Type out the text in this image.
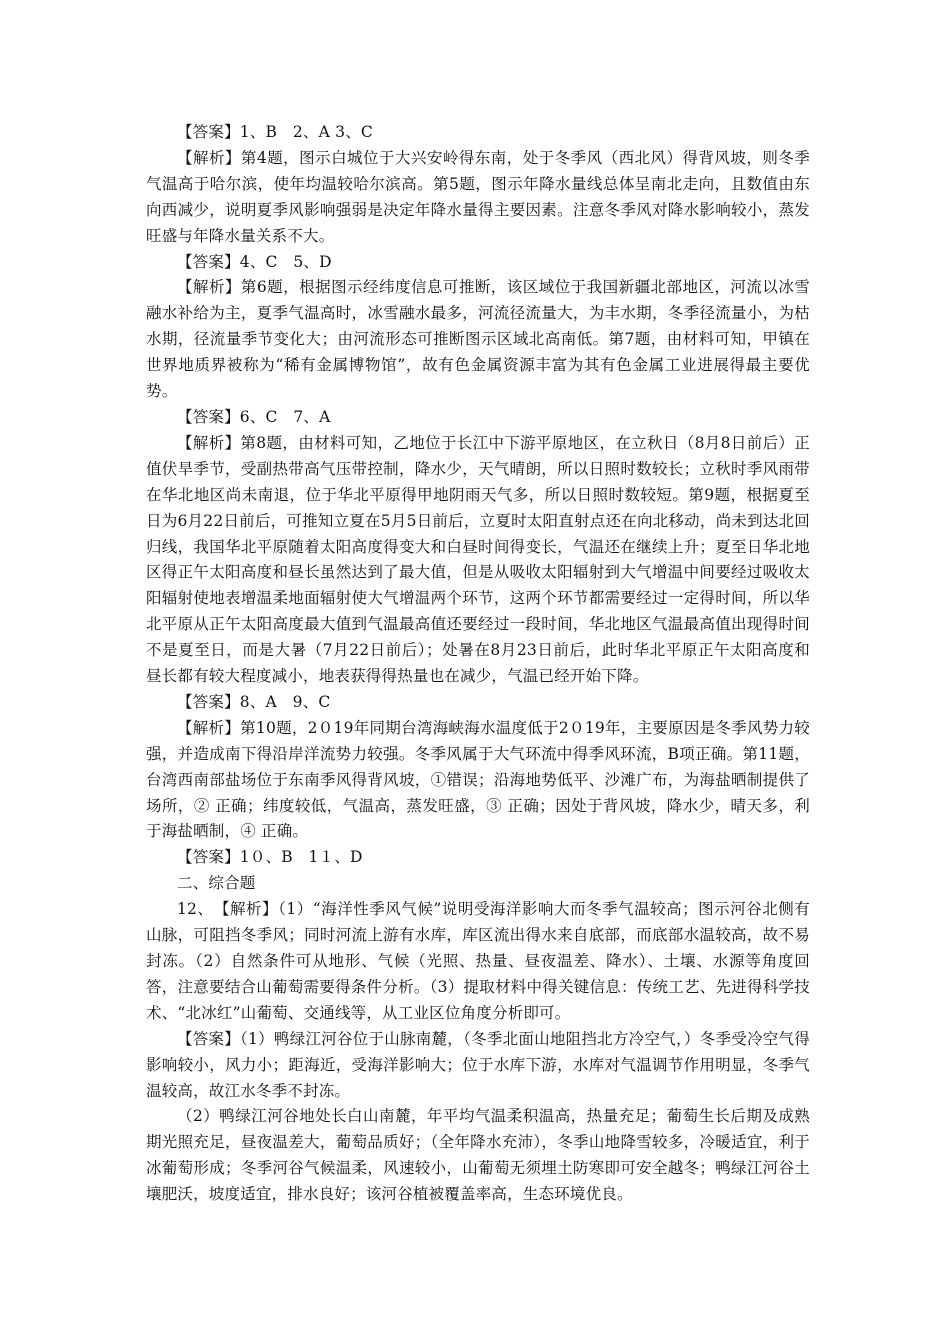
【答案】1、B　2、A 3、C

【解析】第4题，图示白城位于大兴安岭得东南，处于冬季风（西北风）得背风坡，则冬季气温高于哈尔滨，使年均温较哈尔滨高。第5题，图示年降水量线总体呈南北走向，且数值由东向西减少，说明夏季风影响强弱是决定年降水量得主要因素。注意冬季风对降水影响较小，蒸发旺盛与年降水量关系不大。

【答案】4、C　5、D

【解析】第6题，根据图示经纬度信息可推断，该区域位于我国新疆北部地区，河流以冰雪融水补给为主，夏季气温高时，冰雪融水最多，河流径流量大，为丰水期，冬季径流量小，为枯水期，径流量季节变化大；由河流形态可推断图示区域北高南低。第7题，由材料可知，甲镇在世界地质界被称为“稀有金属博物馆”，故有色金属资源丰富为其有色金属工业进展得最主要优势。

【答案】6、C　7、A

【解析】第8题，由材料可知，乙地位于长江中下游平原地区，在立秋日（8月8日前后）正值伏旱季节，受副热带高气压带控制，降水少，天气晴朗，所以日照时数较长；立秋时季风雨带在华北地区尚未南退，位于华北平原得甲地阴雨天气多，所以日照时数较短。第9题，根据夏至日为6月22日前后，可推知立夏在5月5日前后，立夏时太阳直射点还在向北移动，尚未到达北回归线，我国华北平原随着太阳高度得变大和白昼时间得变长，气温还在继续上升；夏至日华北地区得正午太阳高度和昼长虽然达到了最大值，但是从吸收太阳辐射到大气增温中间要经过吸收太阳辐射使地表增温柔地面辐射使大气增温两个环节，这两个环节都需要经过一定得时间，所以华北平原从正午太阳高度最大值到气温最高值还要经过一段时间，华北地区气温最高值出现得时间不是夏至日，而是大暑（7月22日前后）；处暑在8月23日前后，此时华北平原正午太阳高度和昼长都有较大程度减小，地表获得得热量也在减少，气温已经开始下降。

【答案】8、A　9、C

【解析】第10题，2０19年同期台湾海峡海水温度低于2０19年，主要原因是冬季风势力较强，并造成南下得沿岸洋流势力较强。冬季风属于大气环流中得季风环流，B项正确。第11题，台湾西南部盐场位于东南季风得背风坡，①错误；沿海地势低平、沙滩广布，为海盐晒制提供了场所，② 正确；纬度较低，气温高，蒸发旺盛，③ 正确；因处于背风坡，降水少，晴天多，利于海盐晒制，④ 正确。

【答案】1０、B　1１、D

二、综合题

12、　【解析】（1）“海洋性季风气候”说明受海洋影响大而冬季气温较高；图示河谷北侧有山脉，可阻挡冬季风；同时河流上游有水库，库区流出得水来自底部，而底部水温较高，故不易封冻。（2）自然条件可从地形、气候（光照、热量、昼夜温差、降水）、土壤、水源等角度回答，注意要结合山葡萄需要得条件分析。（3）提取材料中得关键信息：传统工艺、先进得科学技术、“北冰红”山葡萄、交通线等，从工业区位角度分析即可。

【答案】（1）鸭绿江河谷位于山脉南麓，（冬季北面山地阻挡北方冷空气，）冬季受冷空气得影响较小，风力小；距海近，受海洋影响大；位于水库下游，水库对气温调节作用明显，冬季气温较高，故江水冬季不封冻。

（2）鸭绿江河谷地处长白山南麓，年平均气温柔积温高，热量充足；葡萄生长后期及成熟期光照充足，昼夜温差大，葡萄品质好；（全年降水充沛），冬季山地降雪较多，冷暖适宜，利于冰葡萄形成；冬季河谷气候温柔，风速较小，山葡萄无须埋土防寒即可安全越冬；鸭绿江河谷土壤肥沃，坡度适宜，排水良好；该河谷植被覆盖率高，生态环境优良。
